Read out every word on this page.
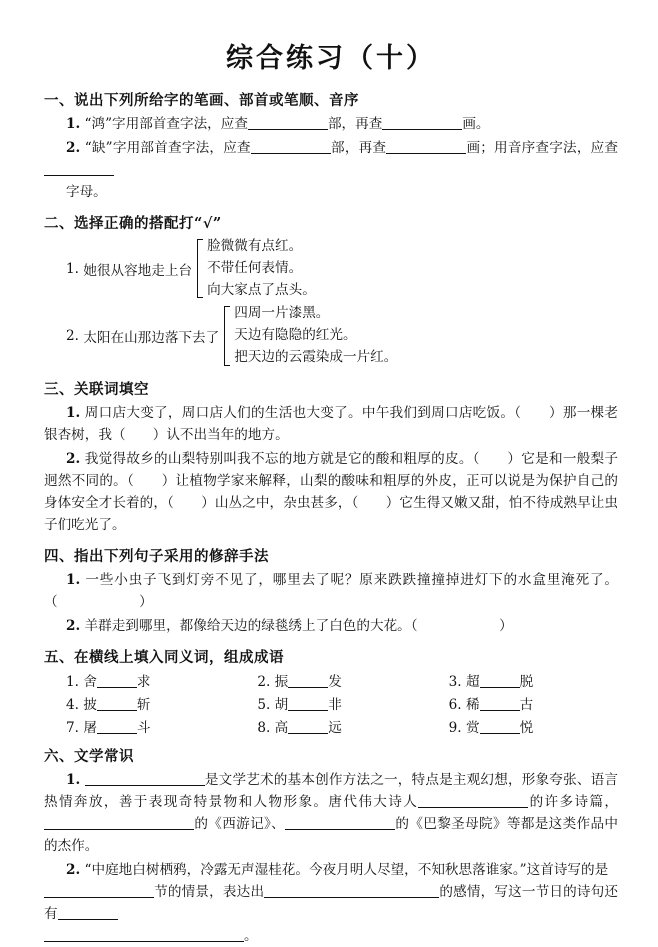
综合练习（十）
一、说出下列所给字的笔画、部首或笔顺、音序
1. “鸿”字用部首查字法，应查	部，再查	画。
2. “缺”字用部首查字法，应查	部，再查	画；用音序查字法，应查
字母。
二、选择正确的搭配打“√”
1.
她很从容地走上台
脸微微有点红。
不带任何表情。
向大家点了点头。
2.
太阳在山那边落下去了
四周一片漆黑。
天边有隐隐的红光。
把天边的云霞染成一片红。
三、关联词填空
1. 周口店大变了，周口店人们的生活也大变了。中午我们到周口店吃饭。（　　）那一棵老银杏树，我（　　）认不出当年的地方。
2. 我觉得故乡的山梨特别叫我不忘的地方就是它的酸和粗厚的皮。（　　）它是和一般梨子迥然不同的。（　　）让植物学家来解释，山梨的酸味和粗厚的外皮，正可以说是为保护自己的身体安全才长着的，（　　）山丛之中，杂虫甚多，（　　）它生得又嫩又甜，怕不待成熟早让虫子们吃光了。
四、指出下列句子采用的修辞手法
1. 一些小虫子飞到灯旁不见了，哪里去了呢？原来跌跌撞撞掉进灯下的水盒里淹死了。（　　　　　　）
2. 羊群走到哪里，都像给天边的绿毯绣上了白色的大花。（　　　　　　）
五、在横线上填入同义词，组成成语
1. 舍	求	2. 振	发	3. 超	脱
4. 披	斩	5. 胡	非	6. 稀	古
7. 屠	斗	8. 高	远	9. 赏	悦
六、文学常识
1.	是文学艺术的基本创作方法之一，特点是主观幻想，形象夸张、语言热情奔放，善于表现奇特景物和人物形象。唐代伟大诗人	的许多诗篇，的《西游记》、	的《巴黎圣母院》等都是这类作品中的杰作。
2. “中庭地白树栖鸦，冷露无声湿桂花。今夜月明人尽望，不知秋思落谁家。”这首诗写的是
节的情景，表达出	的感情，写这一节日的诗句还有
。
